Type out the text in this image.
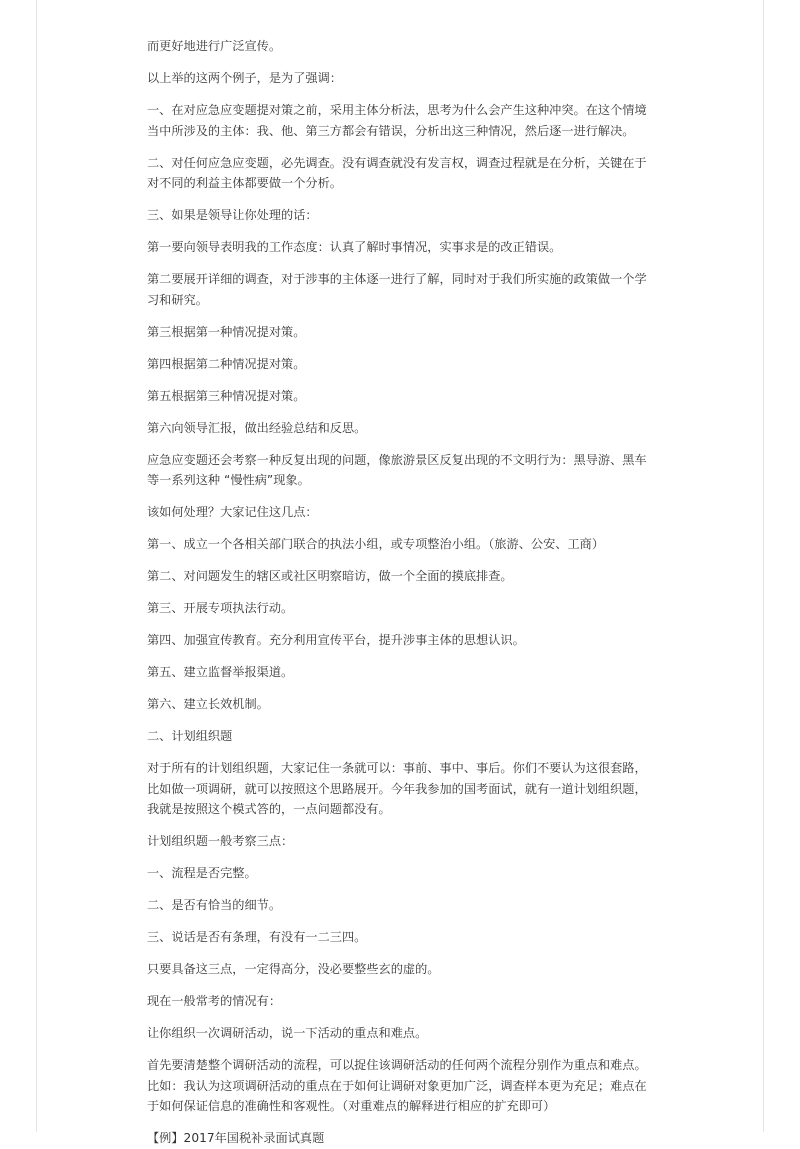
而更好地进行广泛宣传。

以上举的这两个例子，是为了强调：

一、在对应急应变题提对策之前，采用主体分析法，思考为什么会产生这种冲突。在这个情境当中所涉及的主体：我、他、第三方都会有错误，分析出这三种情况，然后逐一进行解决。

二、对任何应急应变题，必先调查。没有调查就没有发言权，调查过程就是在分析，关键在于对不同的利益主体都要做一个分析。

三、如果是领导让你处理的话：

第一要向领导表明我的工作态度：认真了解时事情况，实事求是的改正错误。

第二要展开详细的调查，对于涉事的主体逐一进行了解，同时对于我们所实施的政策做一个学习和研究。

第三根据第一种情况提对策。

第四根据第二种情况提对策。

第五根据第三种情况提对策。

第六向领导汇报，做出经验总结和反思。

应急应变题还会考察一种反复出现的问题，像旅游景区反复出现的不文明行为：黑导游、黑车等一系列这种 “慢性病”现象。

该如何处理？大家记住这几点：

第一、成立一个各相关部门联合的执法小组，或专项整治小组。（旅游、公安、工商）

第二、对问题发生的辖区或社区明察暗访，做一个全面的摸底排查。

第三、开展专项执法行动。

第四、加强宣传教育。充分利用宣传平台，提升涉事主体的思想认识。

第五、建立监督举报渠道。

第六、建立长效机制。

二、计划组织题

对于所有的计划组织题，大家记住一条就可以：事前、事中、事后。你们不要认为这很套路，比如做一项调研，就可以按照这个思路展开。今年我参加的国考面试，就有一道计划组织题，我就是按照这个模式答的，一点问题都没有。

计划组织题一般考察三点：

一、流程是否完整。

二、是否有恰当的细节。

三、说话是否有条理，有没有一二三四。

只要具备这三点，一定得高分，没必要整些玄的虚的。

现在一般常考的情况有：

让你组织一次调研活动，说一下活动的重点和难点。

首先要清楚整个调研活动的流程，可以捉住该调研活动的任何两个流程分别作为重点和难点。比如：我认为这项调研活动的重点在于如何让调研对象更加广泛，调查样本更为充足；难点在于如何保证信息的准确性和客观性。（对重难点的解释进行相应的扩充即可）

【例】2017年国税补录面试真题
